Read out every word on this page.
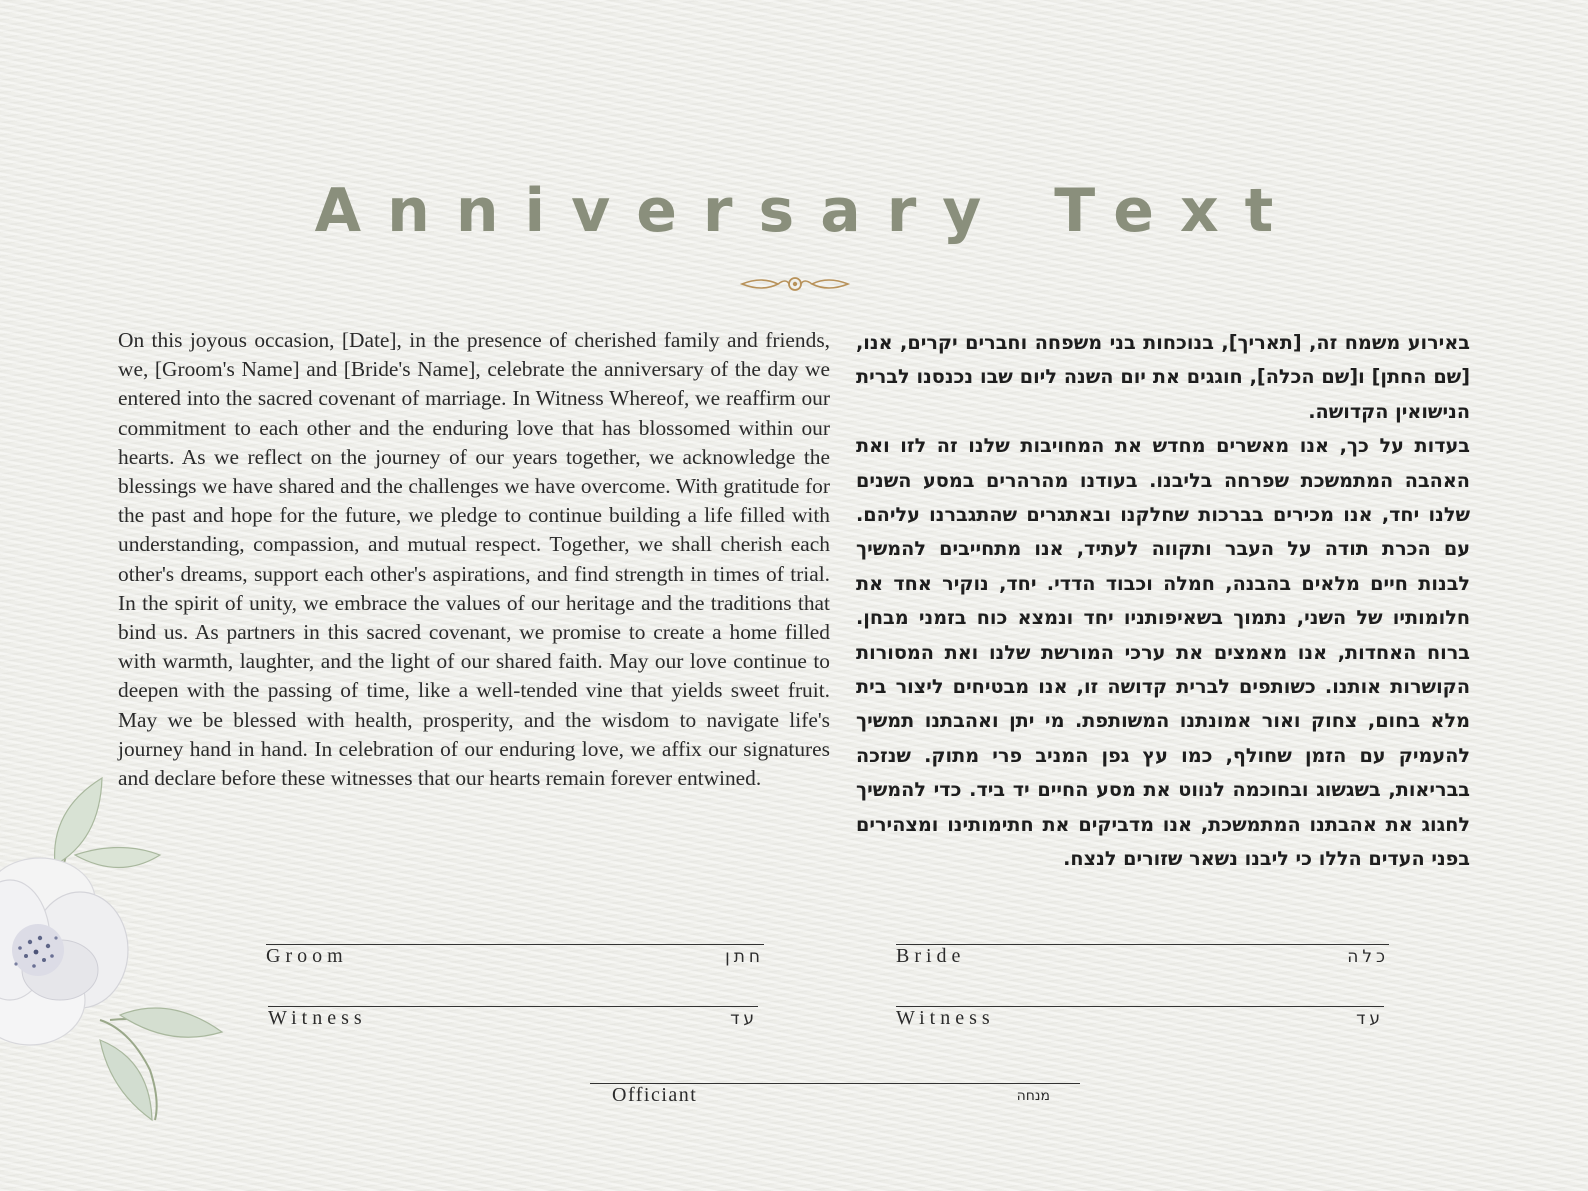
Anniversary Text
On this joyous occasion, [Date], in the presence of cherished family and friends, we, [Groom's Name] and [Bride's Name], celebrate the anniversary of the day we entered into the sacred covenant of marriage. In Witness Whereof, we reaffirm our commitment to each other and the enduring love that has blossomed within our hearts. As we reflect on the journey of our years together, we acknowledge the blessings we have shared and the challenges we have overcome. With gratitude for the past and hope for the future, we pledge to continue building a life filled with understanding, compassion, and mutual respect. Together, we shall cherish each other's dreams, support each other's aspirations, and find strength in times of trial. In the spirit of unity, we embrace the values of our heritage and the traditions that bind us. As partners in this sacred covenant, we promise to create a home filled with warmth, laughter, and the light of our shared faith. May our love continue to deepen with the passing of time, like a well-tended vine that yields sweet fruit. May we be blessed with health, prosperity, and the wisdom to navigate life's journey hand in hand. In celebration of our enduring love, we affix our signatures and declare before these witnesses that our hearts remain forever entwined.

באירוע משמח זה, [תאריך], בנוכחות בני משפחה וחברים יקרים, אנו, [שם החתן] ו[שם הכלה], חוגגים את יום השנה ליום שבו נכנסנו לברית הנישואין הקדושה.

בעדות על כך, אנו מאשרים מחדש את המחויבות שלנו זה לזו ואת האהבה המתמשכת שפרחה בליבנו. בעודנו מהרהרים במסע השנים שלנו יחד, אנו מכירים בברכות שחלקנו ובאתגרים שהתגברנו עליהם. עם הכרת תודה על העבר ותקווה לעתיד, אנו מתחייבים להמשיך לבנות חיים מלאים בהבנה, חמלה וכבוד הדדי. יחד, נוקיר אחד את חלומותיו של השני, נתמוך בשאיפותניו יחד ונמצא כוח בזמני מבחן. ברוח האחדות, אנו מאמצים את ערכי המורשת שלנו ואת המסורות הקושרות אותנו. כשותפים לברית קדושה זו, אנו מבטיחים ליצור בית מלא בחום, צחוק ואור אמונתנו המשותפת. מי יתן ואהבתנו תמשיך להעמיק עם הזמן שחולף, כמו עץ גפן המניב פרי מתוק. שנזכה בבריאות, בשגשוג ובחוכמה לנווט את מסע החיים יד ביד. כדי להמשיך לחגוג את אהבתנו המתמשכת, אנו מדביקים את חתימותינו ומצהירים בפני העדים הללו כי ליבנו נשאר שזורים לנצח.

Groom	חתן	Bride	כלה
Witness	עד	Witness	עד
Officiant	מנחה
